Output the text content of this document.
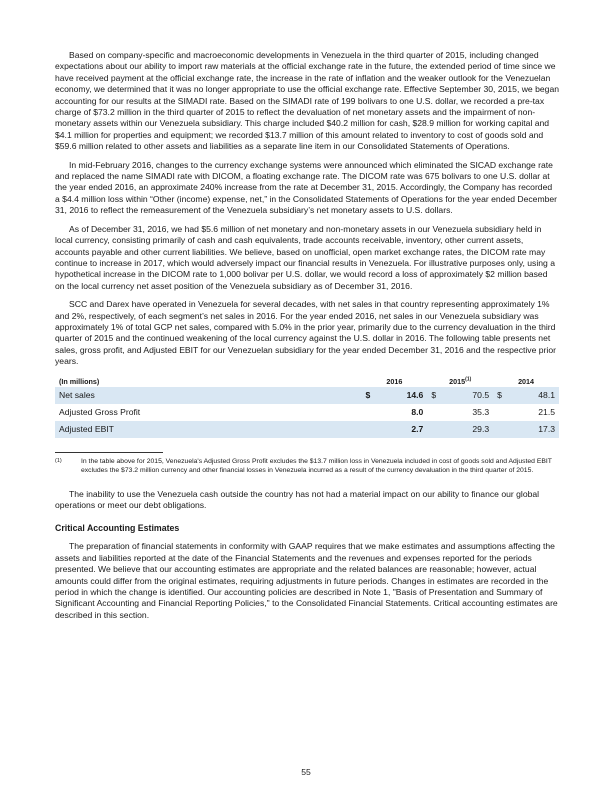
Based on company-specific and macroeconomic developments in Venezuela in the third quarter of 2015, including changed expectations about our ability to import raw materials at the official exchange rate in the future, the extended period of time since we have received payment at the official exchange rate, the increase in the rate of inflation and the weaker outlook for the Venezuelan economy, we determined that it was no longer appropriate to use the official exchange rate. Effective September 30, 2015, we began accounting for our results at the SIMADI rate. Based on the SIMADI rate of 199 bolivars to one U.S. dollar, we recorded a pre-tax charge of $73.2 million in the third quarter of 2015 to reflect the devaluation of net monetary assets and the impairment of non-monetary assets within our Venezuela subsidiary. This charge included $40.2 million for cash, $28.9 million for working capital and $4.1 million for properties and equipment; we recorded $13.7 million of this amount related to inventory to cost of goods sold and $59.6 million related to other assets and liabilities as a separate line item in our Consolidated Statements of Operations.

In mid-February 2016, changes to the currency exchange systems were announced which eliminated the SICAD exchange rate and replaced the name SIMADI rate with DICOM, a floating exchange rate. The DICOM rate was 675 bolivars to one U.S. dollar at the year ended 2016, an approximate 240% increase from the rate at December 31, 2015. Accordingly, the Company has recorded a $4.4 million loss within “Other (income) expense, net,” in the Consolidated Statements of Operations for the year ended December 31, 2016 to reflect the remeasurement of the Venezuela subsidiary’s net monetary assets to U.S. dollars.

As of December 31, 2016, we had $5.6 million of net monetary and non-monetary assets in our Venezuela subsidiary held in local currency, consisting primarily of cash and cash equivalents, trade accounts receivable, inventory, other current assets, accounts payable and other current liabilities. We believe, based on unofficial, open market exchange rates, the DICOM rate may continue to increase in 2017, which would adversely impact our financial results in Venezuela. For illustrative purposes only, using a hypothetical increase in the DICOM rate to 1,000 bolivar per U.S. dollar, we would record a loss of approximately $2 million based on the local currency net asset position of the Venezuela subsidiary as of December 31, 2016.

SCC and Darex have operated in Venezuela for several decades, with net sales in that country representing approximately 1% and 2%, respectively, of each segment’s net sales in 2016. For the year ended 2016, net sales in our Venezuela subsidiary was approximately 1% of total GCP net sales, compared with 5.0% in the prior year, primarily due to the currency devaluation in the third quarter of 2015 and the continued weakening of the local currency against the U.S. dollar in 2016. The following table presents net sales, gross profit, and Adjusted EBIT for our Venezuelan subsidiary for the year ended December 31, 2016 and the respective prior years.

(In millions)	2016		2015$^{(1)}$		2014	
Net sales	$	14.6	$	70.5	$	48.1
Adjusted Gross Profit		8.0		35.3		21.5
Adjusted EBIT		2.7		29.3		17.3
(1)	In the table above for 2015, Venezuela's Adjusted Gross Profit excludes the $13.7 million loss in Venezuela included in cost of goods sold and Adjusted EBIT excludes the $73.2 million currency and other financial losses in Venezuela incurred as a result of the currency devaluation in the third quarter of 2015.

The inability to use the Venezuela cash outside the country has not had a material impact on our ability to finance our global operations or meet our debt obligations.

Critical Accounting Estimates

The preparation of financial statements in conformity with GAAP requires that we make estimates and assumptions affecting the assets and liabilities reported at the date of the Financial Statements and the revenues and expenses reported for the periods presented. We believe that our accounting estimates are appropriate and the related balances are reasonable; however, actual amounts could differ from the original estimates, requiring adjustments in future periods. Changes in estimates are recorded in the period in which the change is identified. Our accounting policies are described in Note 1, "Basis of Presentation and Summary of Significant Accounting and Financial Reporting Policies," to the Consolidated Financial Statements. Critical accounting estimates are described in this section.

55
